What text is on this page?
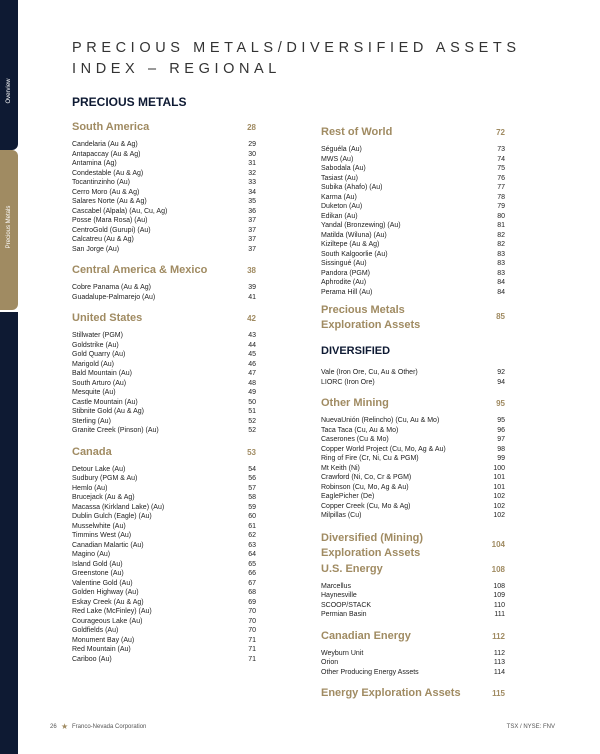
Overview
Precious Metals
PRECIOUS METALS/DIVERSIFIED ASSETS INDEX – REGIONAL
PRECIOUS METALS
South America	28
Candelaria (Au & Ag)	29
Antapaccay (Au & Ag)	30
Antamina (Ag)	31
Condestable (Au & Ag)	32
Tocantinzinho (Au)	33
Cerro Moro (Au & Ag)	34
Salares Norte (Au & Ag)	35
Cascabel (Alpala) (Au, Cu, Ag)	36
Posse (Mara Rosa) (Au)	37
CentroGold (Gurupi) (Au)	37
Calcatreu (Au & Ag)	37
San Jorge (Au)	37
Central America & Mexico	38
Cobre Panama (Au & Ag)	39
Guadalupe-Palmarejo (Au)	41
United States	42
Stillwater (PGM)	43
Goldstrike (Au)	44
Gold Quarry (Au)	45
Marigold (Au)	46
Bald Mountain (Au)	47
South Arturo (Au)	48
Mesquite (Au)	49
Castle Mountain (Au)	50
Stibnite Gold (Au & Ag)	51
Sterling (Au)	52
Granite Creek (Pinson) (Au)	52
Canada	53
Detour Lake (Au)	54
Sudbury (PGM & Au)	56
Hemlo (Au)	57
Brucejack (Au & Ag)	58
Macassa (Kirkland Lake) (Au)	59
Dublin Gulch (Eagle) (Au)	60
Musselwhite (Au)	61
Timmins West (Au)	62
Canadian Malartic (Au)	63
Magino (Au)	64
Island Gold (Au)	65
Greenstone (Au)	66
Valentine Gold (Au)	67
Golden Highway (Au)	68
Eskay Creek (Au & Ag)	69
Red Lake (McFinley) (Au)	70
Courageous Lake (Au)	70
Goldfields (Au)	70
Monument Bay (Au)	71
Red Mountain (Au)	71
Cariboo (Au)	71
Rest of World	72
Séguéla (Au)	73
MWS (Au)	74
Sabodala (Au)	75
Tasiast (Au)	76
Subika (Ahafo) (Au)	77
Karma (Au)	78
Duketon (Au)	79
Edikan (Au)	80
Yandal (Bronzewing) (Au)	81
Matilda (Wiluna) (Au)	82
Kiziltepe (Au & Ag)	82
South Kalgoorlie (Au)	83
Sissingué (Au)	83
Pandora (PGM)	83
Aphrodite (Au)	84
Perama Hill (Au)	84
Precious Metals
Exploration Assets
85
DIVERSIFIED
Vale (Iron Ore, Cu, Au & Other)	92
LIORC (Iron Ore)	94
Other Mining	95
NuevaUnión (Relincho) (Cu, Au & Mo)	95
Taca Taca (Cu, Au & Mo)	96
Caserones (Cu & Mo)	97
Copper World Project (Cu, Mo, Ag & Au)	98
Ring of Fire (Cr, Ni, Cu & PGM)	99
Mt Keith (Ni)	100
Crawford (Ni, Co, Cr & PGM)	101
Robinson (Cu, Mo, Ag & Au)	101
EaglePicher (De)	102
Copper Creek (Cu, Mo & Ag)	102
Milpillas (Cu)	102
Diversified (Mining)
Exploration Assets
104
U.S. Energy	108
Marcellus	108
Haynesville	109
SCOOP/STACK	110
Permian Basin	111
Canadian Energy	112
Weyburn Unit	112
Orion	113
Other Producing Energy Assets	114
Energy Exploration Assets	115
26 ★ Franco-Nevada Corporation	TSX / NYSE: FNV
